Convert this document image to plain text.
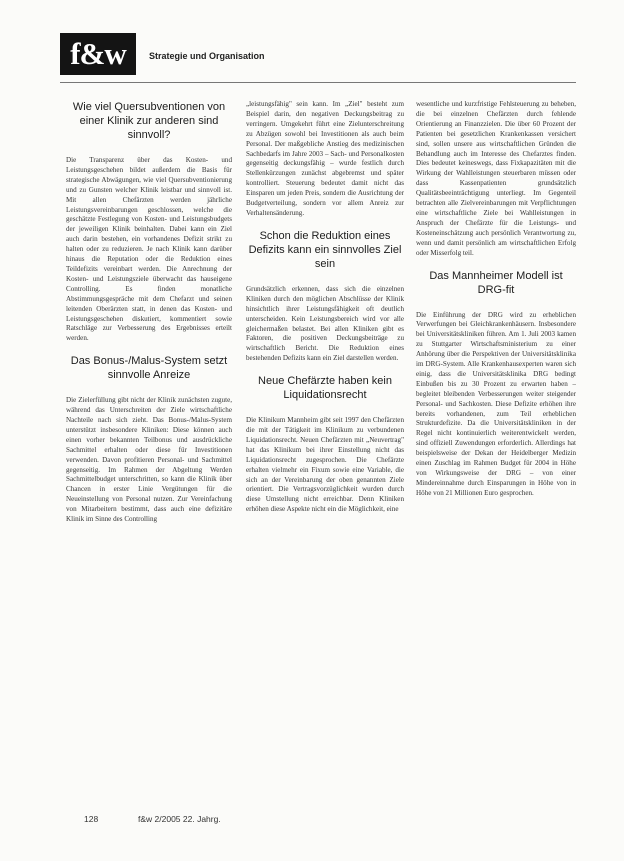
f&w	Strategie und Organisation
Wie viel Quersubventionen von einer Klinik zur anderen sind sinnvoll?

Die Transparenz über das Kosten- und Leistungsgeschehen bildet außerdem die Basis für strategische Abwägungen, wie viel Quersubventionierung und zu Gunsten welcher Klinik leistbar und sinnvoll ist. Mit allen Chefärzten werden jährliche Leistungsvereinbarungen geschlossen, welche die geschätzte Festlegung von Kosten- und Leistungsbudgets der jeweiligen Klinik beinhalten. Dabei kann ein Ziel auch darin bestehen, ein vorhandenes Defizit strikt zu halten oder zu reduzieren. Je nach Klinik kann darüber hinaus die Reputation oder die Reduktion eines Teildefizits vereinbart werden. Die Anrechnung der Kosten- und Leistungsziele überwacht das hauseigene Controlling. Es finden monatliche Abstimmungsgespräche mit dem Chefarzt und seinen leitenden Oberärzten statt, in denen das Kosten- und Leistungsgeschehen diskutiert, kommentiert sowie Ratschläge zur Verbesserung des Ergebnisses erteilt werden.

Das Bonus-/Malus-System setzt sinnvolle Anreize

Die Zielerfüllung gibt nicht der Klinik zunächsten zugute, während das Unterschreiten der Ziele wirtschaftliche Nachteile nach sich zieht. Das Bonus-/Malus-System unterstützt insbesondere Kliniken: Diese können auch einen vorher bekannten Teilbonus und ausdrückliche Sachmittel erhalten oder diese für Investitionen verwenden. Davon profitieren Personal- und Sachmittel gegenseitig. Im Rahmen der Abgeltung Werden Sachmittelbudget unterschritten, so kann die Klinik über Chancen in erster Linie Vergütungen für die Neueinstellung von Personal nutzen. Zur Vereinfachung von Mitarbeitern bestimmt, dass auch eine defizitäre Klinik im Sinne des Controlling

„leistungsfähig" sein kann. Im „Ziel" besteht zum Beispiel darin, den negativen Deckungsbeitrag zu verringern. Umgekehrt führt eine Zielunterschreitung zu Abzügen sowohl bei Investitionen als auch beim Personal. Der maßgebliche Anstieg des medizinischen Sachbedarfs im Jahre 2003 – Sach- und Personalkosten gegenseitig deckungsfähig – wurde festlich durch Stellenkürzungen zunächst abgebremst und später kontrolliert. Steuerung bedeutet damit nicht das Einsparen um jeden Preis, sondern die Ausrichtung der Budgetverteilung, sondern vor allem Anreiz zur Verhaltensänderung.

Schon die Reduktion eines Defizits kann ein sinnvolles Ziel sein

Grundsätzlich erkennen, dass sich die einzelnen Kliniken durch den möglichen Abschlüsse der Klinik hinsichtlich ihrer Leistungsfähigkeit oft deutlich unterscheiden. Kein Leistungsbereich wird vor alle gleichermaßen belastet. Bei allen Kliniken gibt es Faktoren, die positiven Deckungsbeiträge zu wirtschaftlich Bericht. Die Reduktion eines bestehenden Defizits kann ein Ziel darstellen werden.

Neue Chefärzte haben kein Liquidationsrecht

Die Klinikum Mannheim gibt seit 1997 den Chefärzten die mit der Tätigkeit im Klinikum zu verbundenen Liquidationsrecht. Neuen Chefärzten mit „Neuvertrag" hat das Klinikum bei ihrer Einstellung nicht das Liquidationsrecht zugesprochen. Die Chefärzte erhalten vielmehr ein Fixum sowie eine Variable, die sich an der Vereinbarung der oben genannten Ziele orientiert. Die Vertragsvorzüglichkeit wurden durch diese Umstellung nicht erreichbar. Denn Kliniken erhöhen diese Aspekte nicht ein die Möglichkeit, eine

wesentliche und kurzfristige Fehlsteuerung zu beheben, die bei einzelnen Chefärzten durch fehlende Orientierung an Finanzzielen. Die über 60 Prozent der Patienten bei gesetzlichen Krankenkassen versichert sind, sollen unsere aus wirtschaftlichen Gründen die Behandlung auch im Interesse des Chefarztes finden. Dies bedeutet keineswegs, dass Fixkapazitäten mit die Wirkung der Wahlleistungen steuerbaren müssen oder dass Kassenpatienten grundsätzlich Qualitätsbeeinträchtigung unterliegt. Im Gegenteil betrachten alle Zielvereinbarungen mit Verpflichtungen eine wirtschaftliche Ziele bei Wahlleistungen in Anspruch der Chefärzte für die Leistungs- und Kosteneinschätzung auch persönlich Verantwortung zu, wenn und damit persönlich am wirtschaftlichen Erfolg oder Misserfolg teil.

Das Mannheimer Modell ist DRG-fit

Die Einführung der DRG wird zu erheblichen Verwerfungen bei Gleichkrankenhäusern. Insbesondere bei Universitätskliniken führen. Am 1. Juli 2003 kamen zu Stuttgarter Wirtschaftsministerium zu einer Anhörung über die Perspektiven der Universitätsklinika im DRG-System. Alle Krankenhausexperten waren sich einig, dass die Universitätsklinika DRG bedingt Einbußen bis zu 30 Prozent zu erwarten haben – begleitet bleibenden Verbesserungen weiter steigender Personal- und Sachkosten. Diese Defizite erhöhen ihre bereits vorhandenen, zum Teil erheblichen Strukturdefizite. Da die Universitätskliniken in der Regel nicht kontinuierlich weiterentwickelt werden, sind offiziell Zuwendungen erforderlich. Allerdings hat beispielsweise der Dekan der Heidelberger Medizin einen Zuschlag im Rahmen Budget für 2004 in Höhe von Wirkungsweise der DRG – von einer Mindereinnahme durch Einsparungen in Höhe von in Höhe von 21 Millionen Euro gesprochen.

128	f&w 2/2005 22. Jahrg.
